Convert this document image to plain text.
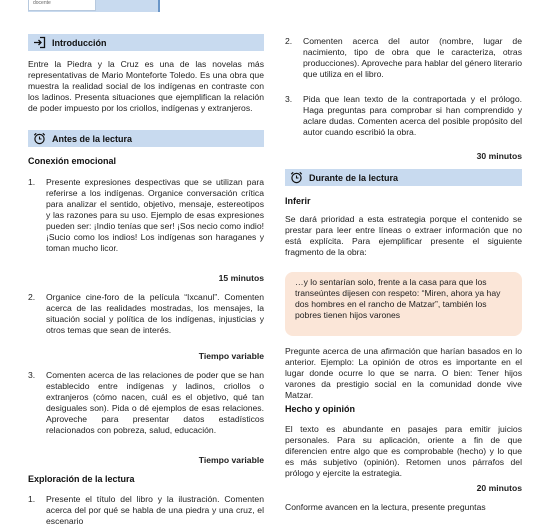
docente
Introducción
Entre la Piedra y la Cruz es una de las novelas más representativas de Mario Monteforte Toledo. Es una obra que muestra la realidad social de los indígenas en contraste con los ladinos. Presenta situaciones que ejemplifican la relación de poder impuesto por los criollos, indígenas y extranjeros.
Antes de la lectura
Conexión emocional
1. Presente expresiones despectivas que se utilizan para referirse a los indígenas. Organice conversación crítica para analizar el sentido, objetivo, mensaje, estereotipos y las razones para su uso. Ejemplo de esas expresiones pueden ser: ¡Indio tenías que ser! ¡Sos necio como indio! ¡Sucio como los indios! Los indígenas son haraganes y toman mucho licor.
15 minutos
2. Organice cine-foro de la película “Ixcanul”. Comenten acerca de las realidades mostradas, los mensajes, la situación social y política de los indígenas, injusticias y otros temas que sean de interés.
Tiempo variable
3. Comenten acerca de las relaciones de poder que se han establecido entre indígenas y ladinos, criollos o extranjeros (cómo nacen, cuál es el objetivo, qué tan desiguales son). Pida o dé ejemplos de esas relaciones. Aproveche para presentar datos estadísticos relacionados con pobreza, salud, educación.
Tiempo variable
Exploración de la lectura
1. Presente el título del libro y la ilustración. Comenten acerca del por qué se habla de una piedra y una cruz, el escenario
2. Comenten acerca del autor (nombre, lugar de nacimiento, tipo de obra que le caracteriza, otras producciones). Aproveche para hablar del género literario que utiliza en el libro.
3. Pida que lean texto de la contraportada y el prólogo. Haga preguntas para comprobar si han comprendido y aclare dudas. Comenten acerca del posible propósito del autor cuando escribió la obra.
30 minutos
Durante de la lectura
Inferir
Se dará prioridad a esta estrategia porque el contenido se prestar para leer entre líneas o extraer información que no está explícita. Para ejemplificar presente el siguiente fragmento de la obra:
…y lo sentarían solo, frente a la casa para que los transeúntes dijesen con respeto: “Miren, ahora ya hay dos hombres en el rancho de Matzar”, también los pobres tienen hijos varones
Pregunte acerca de una afirmación que harían basados en lo anterior. Ejemplo: La opinión de otros es importante en el lugar donde ocurre lo que se narra. O bien: Tener hijos varones da prestigio social en la comunidad donde vive Matzar.
Hecho y opinión
El texto es abundante en pasajes para emitir juicios personales. Para su aplicación, oriente a fin de que diferencien entre algo que es comprobable (hecho) y lo que es más subjetivo (opinión). Retomen unos párrafos del prólogo y ejercite la estrategia.
20 minutos
Conforme avancen en la lectura, presente preguntas
